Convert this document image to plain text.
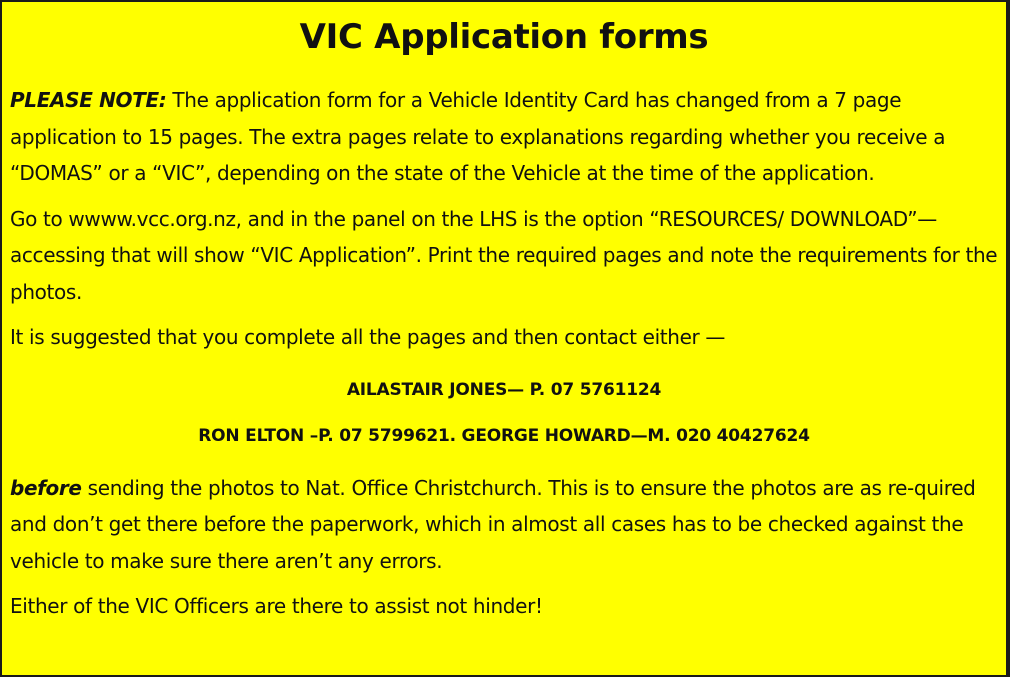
VIC Application forms

PLEASE NOTE: The application form for a Vehicle Identity Card has changed from a 7 page application to 15 pages. The extra pages relate to explanations regarding whether you receive a “DOMAS” or a “VIC”, depending on the state of the Vehicle at the time of the application.

Go to wwww.vcc.org.nz, and in the panel on the LHS is the option “RESOURCES/ DOWNLOAD”—accessing that will show “VIC Application”. Print the required pages and note the requirements for the photos.

It is suggested that you complete all the pages and then contact either —

AILASTAIR JONES— P. 07 5761124

RON ELTON –P. 07 5799621. GEORGE HOWARD—M. 020 40427624

before sending the photos to Nat. Office Christchurch. This is to ensure the photos are as re-quired and don’t get there before the paperwork, which in almost all cases has to be checked against the vehicle to make sure there aren’t any errors.

Either of the VIC Officers are there to assist not hinder!
